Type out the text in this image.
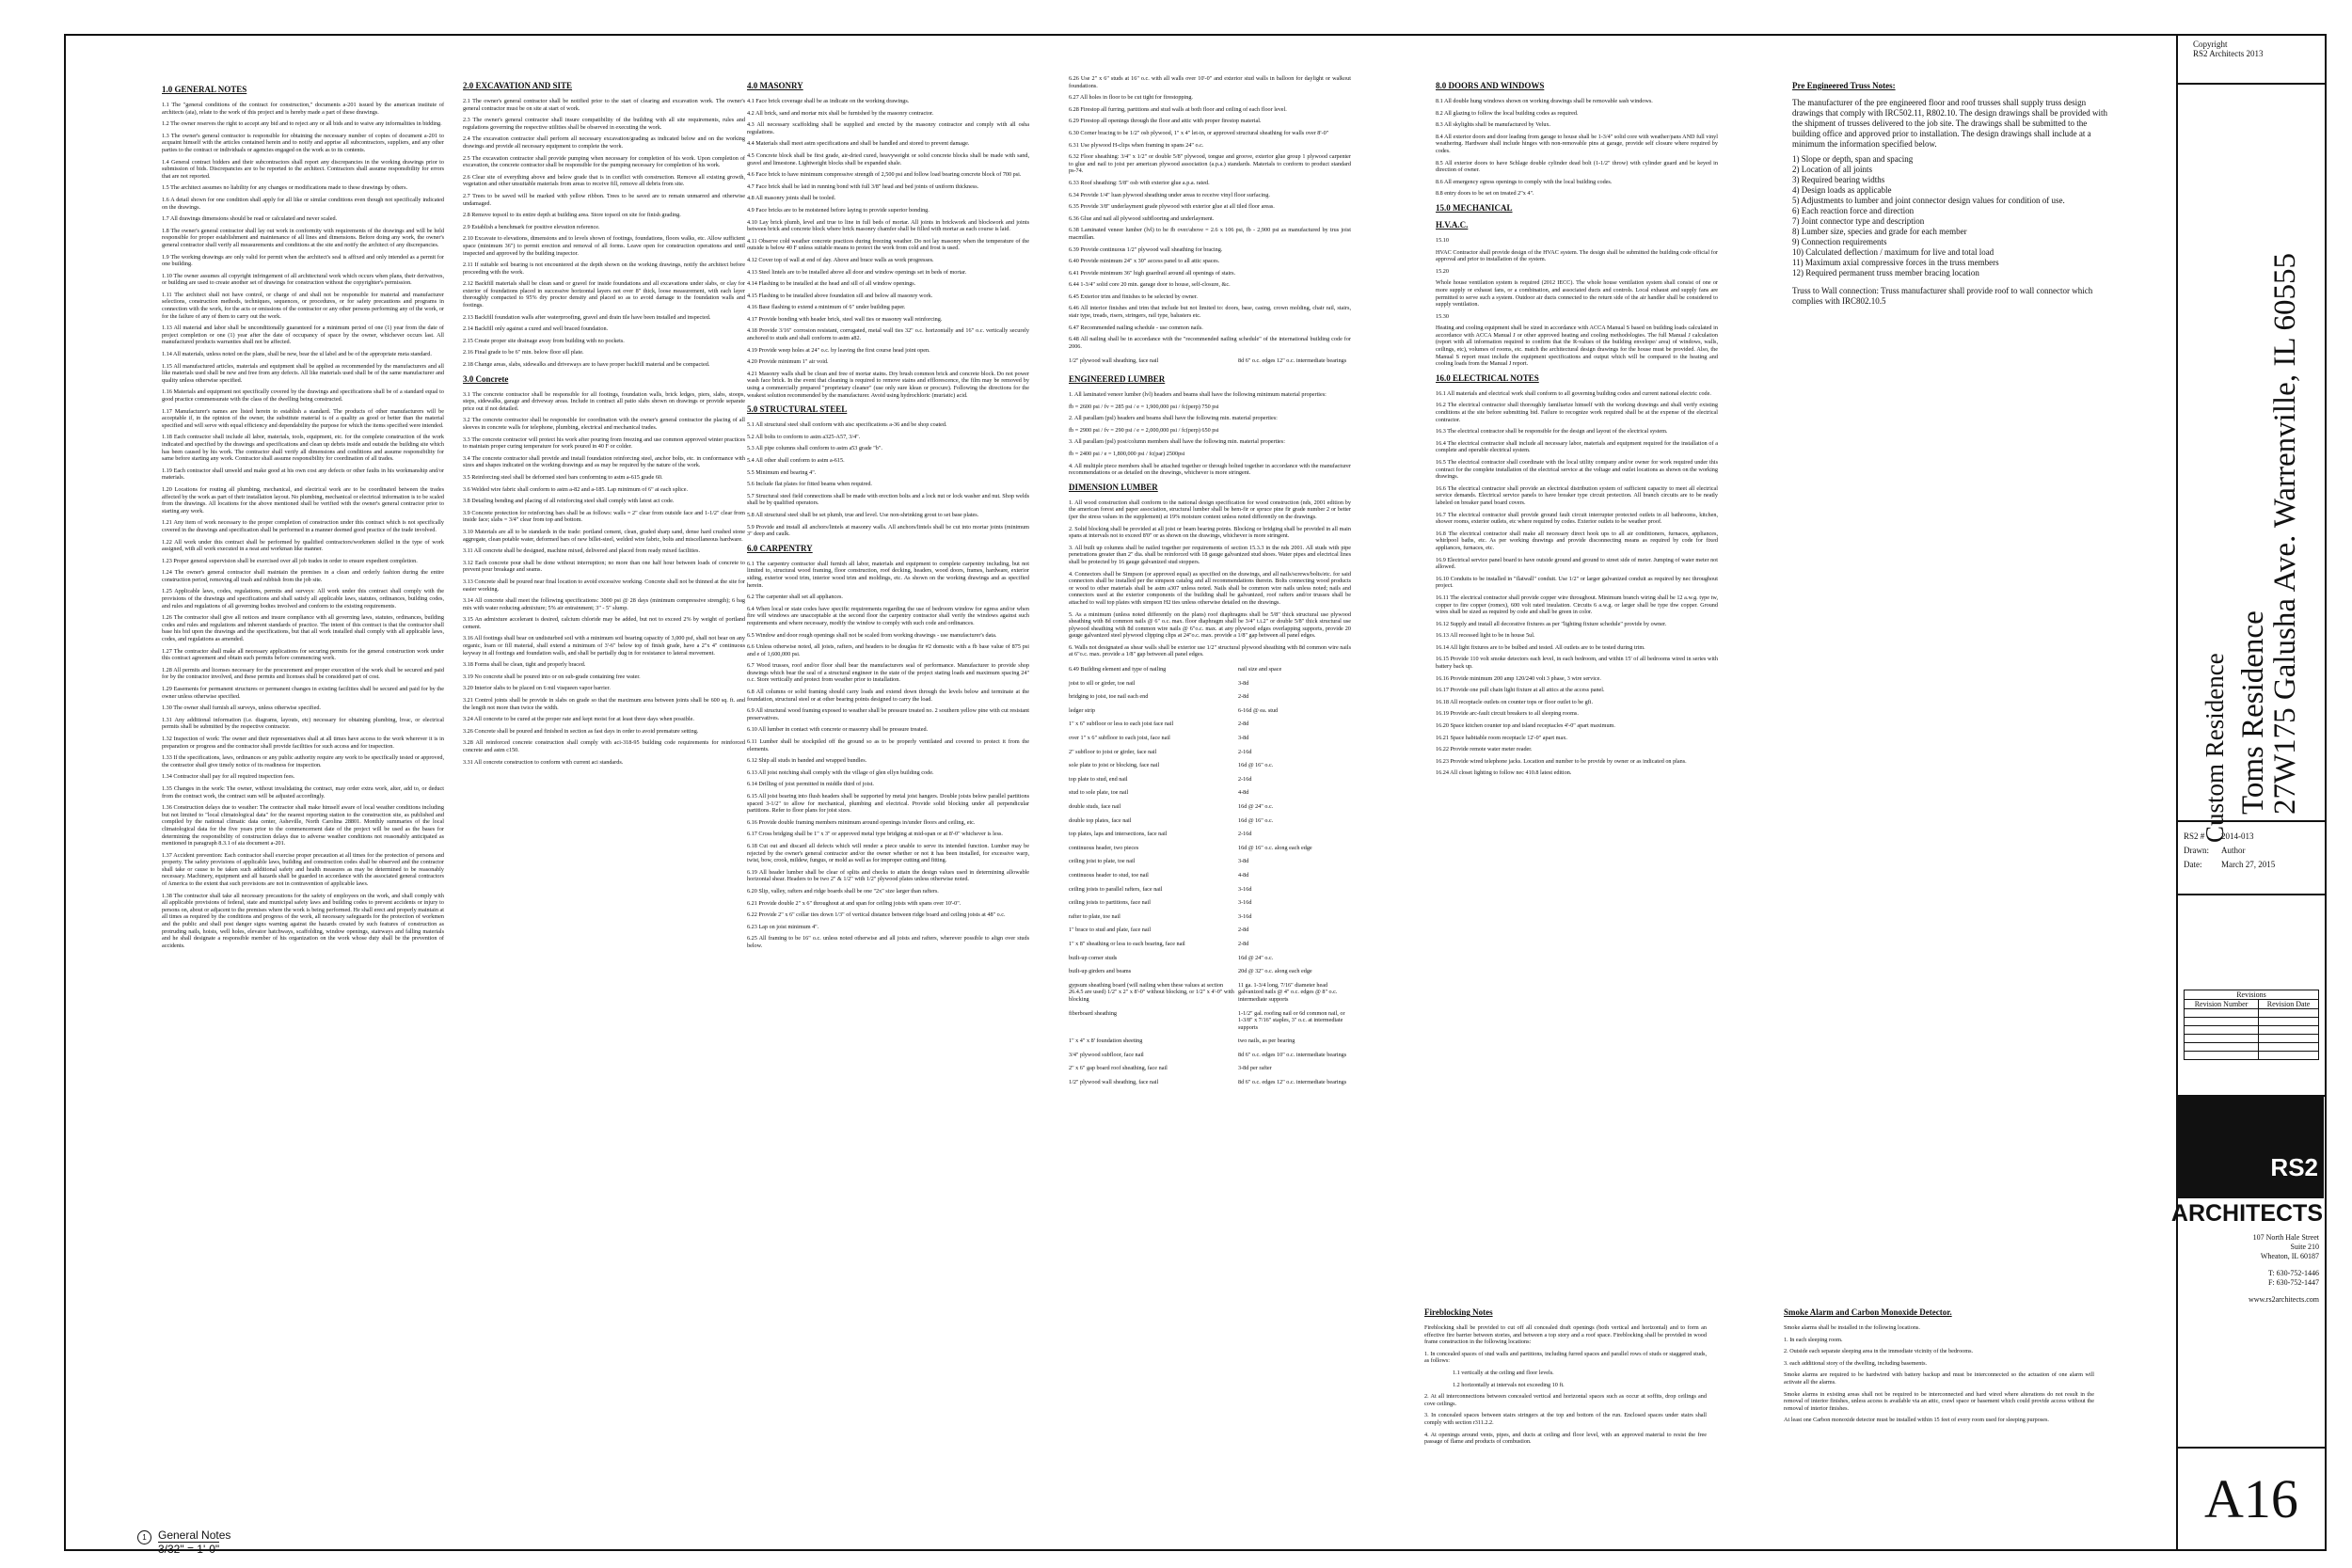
1.0 GENERAL NOTES

1.1 The "general conditions of the contract for construction," documents a-201 issued by the american institute of architects (aia), relate to the work of this project and is hereby made a part of these drawings.

1.2 The owner reserves the right to accept any bid and to reject any or all bids and to waive any informalities in bidding.

1.3 The owner's general contractor is responsible for obtaining the necessary number of copies of document a-201 to acquaint himself with the articles contained herein and to notify and apprise all subcontractors, suppliers, and any other parties to the contract or individuals or agencies engaged on the work as to its contents.

1.4 General contract bidders and their subcontractors shall report any discrepancies in the working drawings prior to submission of bids. Discrepancies are to be reported to the architect. Contractors shall assume responsibility for errors that are not reported.

1.5 The architect assumes no liability for any changes or modifications made to these drawings by others.

1.6 A detail shown for one condition shall apply for all like or similar conditions even though not specifically indicated on the drawings.

1.7 All drawings dimensions should be read or calculated and never scaled.

1.8 The owner's general contractor shall lay out work in conformity with requirements of the drawings and will be held responsible for proper establishment and maintenance of all lines and dimensions. Before doing any work, the owner's general contractor shall verify all measurements and conditions at the site and notify the architect of any discrepancies.

1.9 The working drawings are only valid for permit when the architect's seal is affixed and only intended as a permit for one building.

1.10 The owner assumes all copyright infringement of all architectural work which occurs when plans, their derivatives, or building are used to create another set of drawings for construction without the copyrighter's permission.

1.11 The architect shall not have control, or charge of and shall not be responsible for material and manufacturer selections, construction methods, techniques, sequences, or procedures, or for safety precautions and programs in connection with the work, for the acts or omissions of the contractor or any other persons performing any of the work, or for the failure of any of them to carry out the work.

1.13 All material and labor shall be unconditionally guaranteed for a minimum period of one (1) year from the date of project completion or one (1) year after the date of occupancy of space by the owner, whichever occurs last. All manufactured products warranties shall not be affected.

1.14 All materials, unless noted on the plans, shall be new, bear the ul label and be of the appropriate meta standard.

1.15 All manufactured articles, materials and equipment shall be applied as recommended by the manufacturers and all like materials used shall be new and free from any defects. All like materials used shall be of the same manufacturer and quality unless otherwise specified.

1.16 Materials and equipment not specifically covered by the drawings and specifications shall be of a standard equal to good practice commensurate with the class of the dwelling being constructed.

1.17 Manufacturer's names are listed herein to establish a standard. The products of other manufacturers will be acceptable if, in the opinion of the owner, the substitute material is of a quality as good or better than the material specified and will serve with equal efficiency and dependability the purpose for which the items specified were intended.

1.18 Each contractor shall include all labor, materials, tools, equipment, etc. for the complete construction of the work indicated and specified by the drawings and specifications and clean up debris inside and outside the building site which has been caused by his work. The contractor shall verify all dimensions and conditions and assume responsibility for same before starting any work. Contractor shall assume responsibility for coordination of all trades.

1.19 Each contractor shall unweld and make good at his own cost any defects or other faults in his workmanship and/or materials.

1.20 Locations for routing all plumbing, mechanical, and electrical work are to be coordinated between the trades affected by the work as part of their installation layout. No plumbing, mechanical or electrical information is to be scaled from the drawings. All locations for the above mentioned shall be verified with the owner's general contractor prior to starting any work.

1.21 Any item of work necessary to the proper completion of construction under this contract which is not specifically covered in the drawings and specification shall be performed in a manner deemed good practice of the trade involved.

1.22 All work under this contract shall be performed by qualified contractors/workmen skilled in the type of work assigned, with all work executed in a neat and workman like manner.

1.23 Proper general supervision shall be exercised over all job trades in order to ensure expedient completion.

1.24 The owner's general contractor shall maintain the premises in a clean and orderly fashion during the entire construction period, removing all trash and rubbish from the job site.

1.25 Applicable laws, codes, regulations, permits and surveys: All work under this contract shall comply with the provisions of the drawings and specifications and shall satisfy all applicable laws, statutes, ordinances, building codes, and rules and regulations of all governing bodies involved and conform to the existing requirements.

1.26 The contractor shall give all notices and insure compliance with all governing laws, statutes, ordinances, building codes and rules and regulations and inherent standards of practice. The intent of this contract is that the contractor shall base his bid upon the drawings and the specifications, but that all work installed shall comply with all applicable laws, codes, and regulations as amended.

1.27 The contractor shall make all necessary applications for securing permits for the general construction work under this contract agreement and obtain such permits before commencing work.

1.28 All permits and licenses necessary for the procurement and proper execution of the work shall be secured and paid for by the contractor involved, and these permits and licenses shall be considered part of cost.

1.29 Easements for permanent structures or permanent changes in existing facilities shall be secured and paid for by the owner unless otherwise specified.

1.30 The owner shall furnish all surveys, unless otherwise specified.

1.31 Any additional information (i.e. diagrams, layouts, etc) necessary for obtaining plumbing, hvac, or electrical permits shall be submitted by the respective contractor.

1.32 Inspection of work: The owner and their representatives shall at all times have access to the work wherever it is in preparation or progress and the contractor shall provide facilities for such access and for inspection.

1.33 If the specifications, laws, ordinances or any public authority require any work to be specifically tested or approved, the contractor shall give timely notice of its readiness for inspection.

1.34 Contractor shall pay for all required inspection fees.

1.35 Changes in the work: The owner, without invalidating the contract, may order extra work, alter, add to, or deduct from the contract work, the contract sum will be adjusted accordingly.

1.36 Construction delays due to weather: The contractor shall make himself aware of local weather conditions including but not limited to "local climatological data" for the nearest reporting station to the construction site, as published and compiled by the national climatic data center, Asheville, North Carolina 28801. Monthly summaries of the local climatological data for the five years prior to the commencement date of the project will be used as the bases for determining the responsibility of construction delays due to adverse weather conditions not reasonably anticipated as mentioned in paragraph 8.3.1 of aia document a-201.

1.37 Accident prevention: Each contractor shall exercise proper precaution at all times for the protection of persons and property. The safety provisions of applicable laws, building and construction codes shall be observed and the contractor shall take or cause to be taken such additional safety and health measures as may be determined to be reasonably necessary. Machinery, equipment and all hazards shall be guarded in accordance with the associated general contractors of America to the extent that such provisions are not in contravention of applicable laws.

1.38 The contractor shall take all necessary precautions for the safety of employees on the work, and shall comply with all applicable provisions of federal, state and municipal safety laws and building codes to prevent accidents or injury to persons on, about or adjacent to the premises where the work is being performed. He shall erect and properly maintain at all times as required by the conditions and progress of the work, all necessary safeguards for the protection of workmen and the public and shall post danger signs warning against the hazards created by such features of construction as protruding nails, hoists, well holes, elevator hatchways, scaffolding, window openings, stairways and falling materials and he shall designate a responsible member of his organization on the work whose duty shall be the prevention of accidents.

2.0 EXCAVATION AND SITE

2.1 The owner's general contractor shall be notified prior to the start of clearing and excavation work. The owner's general contractor must be on site at start of work.

2.3 The owner's general contractor shall insure compatibility of the building with all site requirements, rules and regulations governing the respective utilities shall be observed in executing the work.

2.4 The excavation contractor shall perform all necessary excavation/grading as indicated below and on the working drawings and provide all necessary equipment to complete the work.

2.5 The excavation contractor shall provide pumping when necessary for completion of his work. Upon completion of excavation, the concrete contractor shall be responsible for the pumping necessary for completion of his work.

2.6 Clear site of everything above and below grade that is in conflict with construction. Remove all existing growth, vegetation and other unsuitable materials from areas to receive fill, remove all debris from site.

2.7 Trees to be saved will be marked with yellow ribbon. Trees to be saved are to remain unmarred and otherwise undamaged.

2.8 Remove topsoil to its entire depth at building area. Store topsoil on site for finish grading.

2.9 Establish a benchmark for positive elevation reference.

2.10 Excavate to elevations, dimensions and to levels shown of footings, foundations, floors walks, etc. Allow sufficient space (minimum 36") to permit erection and removal of all forms. Leave open for construction operations and until inspected and approved by the building inspector.

2.11 If suitable soil bearing is not encountered at the depth shown on the working drawings, notify the architect before proceeding with the work.

2.12 Backfill materials shall be clean sand or gravel for inside foundations and all excavations under slabs, or clay for exterior of foundations placed in successive horizontal layers not over 8" thick, loose measurement, with each layer thoroughly compacted to 95% dry proctor density and placed so as to avoid damage to the foundation walls and footings.

2.13 Backfill foundation walls after waterproofing, gravel and drain tile have been installed and inspected.

2.14 Backfill only against a cured and well braced foundation.

2.15 Create proper site drainage away from building with no pockets.

2.16 Final grade to be 6" min. below floor sill plate.

2.18 Change areas, slabs, sidewalks and driveways are to have proper backfill material and be compacted.

3.0 Concrete

3.1 The concrete contractor shall be responsible for all footings, foundation walls, brick ledges, piers, slabs, stoops, steps, sidewalks, garage and driveway areas. Include in contract all patio slabs shown on drawings or provide separate price out if not detailed.

3.2 The concrete contractor shall be responsible for coordination with the owner's general contractor the placing of all sleeves in concrete walls for telephone, plumbing, electrical and mechanical trades.

3.3 The concrete contractor will protect his work after pouring from freezing and use common approved winter practices to maintain proper curing temperature for work poured in 40 F or colder.

3.4 The concrete contractor shall provide and install foundation reinforcing steel, anchor bolts, etc. in conformance with sizes and shapes indicated on the working drawings and as may be required by the nature of the work.

3.5 Reinforcing steel shall be deformed steel bars conforming to astm a-615 grade 60.

3.6 Welded wire fabric shall conform to astm a-82 and a-185. Lap minimum of 6" at each splice.

3.8 Detailing bending and placing of all reinforcing steel shall comply with latest aci code.

3.9 Concrete protection for reinforcing bars shall be as follows: walls = 2" clear from outside face and 1-1/2" clear from inside face; slabs = 3/4" clear from top and bottom.

3.10 Materials are all to be standards in the trade: portland cement, clean, graded sharp sand, dense hard crushed stone aggregate, clean potable water, deformed bars of new billet-steel, welded wire fabric, bolts and miscellaneous hardware.

3.11 All concrete shall be designed, machine mixed, delivered and placed from ready mixed facilities.

3.12 Each concrete pour shall be done without interruption; no more than one half hour between loads of concrete to prevent pour breakage and seams.

3.13 Concrete shall be poured near final location to avoid excessive working. Concrete shall not be thinned at the site for easier working.

3.14 All concrete shall meet the following specifications: 3000 psi @ 28 days (minimum compressive strength); 6 bag mix with water reducing admixture; 5% air entrainment; 3" - 5" slump.

3.15 An admixture accelerant is desired, calcium chloride may be added, but not to exceed 2% by weight of portland cement.

3.16 All footings shall bear on undisturbed soil with a minimum soil bearing capacity of 3,000 psf, shall not bear on any organic, loam or fill material, shall extend a minimum of 3'-6" below top of finish grade, have a 2"x 4" continuous keyway in all footings and foundation walls, and shall be partially dug in for resistance to lateral movement.

3.18 Forms shall be clean, tight and properly braced.

3.19 No concrete shall be poured into or on sub-grade containing free water.

3.20 Interior slabs to be placed on 6 mil visqueen vapor barrier.

3.21 Control joints shall be provide in slabs on grade so that the maximum area between joints shall be 600 sq. ft. and the length not more than twice the width.

3.24 All concrete to be cured at the proper rate and kept moist for at least three days when possible.

3.26 Concrete shall be poured and finished in section as fast days in order to avoid premature setting.

3.28 All reinforced concrete construction shall comply with aci-318-95 building code requirements for reinforced concrete and astm c150.

3.31 All concrete construction to conform with current aci standards.

4.0 MASONRY

4.1 Face brick coverage shall be as indicate on the working drawings.

4.2 All brick, sand and mortar mix shall be furnished by the masonry contractor.

4.3 All necessary scaffolding shall be supplied and erected by the masonry contractor and comply with all osha regulations.

4.4 Materials shall meet astm specifications and shall be handled and stored to prevent damage.

4.5 Concrete block shall be first grade, air-dried cured, heavyweight or solid concrete blocks shall be made with sand, gravel and limestone. Lightweight blocks shall be expanded shale.

4.6 Face brick to have minimum compressive strength of 2,500 psi and follow load bearing concrete block of 700 psi.

4.7 Face brick shall be laid in running bond with full 3/8" head and bed joints of uniform thickness.

4.8 All masonry joints shall be tooled.

4.9 Face bricks are to be moistened before laying to provide superior bonding.

4.10 Lay brick plumb, level and true to line in full beds of mortar. All joints in brickwork and blockwork and joints between brick and concrete block where brick masonry chamfer shall be filled with mortar as each course is laid.

4.11 Observe cold weather concrete practices during freezing weather. Do not lay masonry when the temperature of the outside is below 40 F unless suitable means to protect the work from cold and frost is used.

4.12 Cover top of wall at end of day. Above and brace walls as work progresses.

4.13 Steel lintels are to be installed above all door and window openings set in beds of mortar.

4.14 Flashing to be installed at the head and sill of all window openings.

4.15 Flashing to be installed above foundation sill and below all masonry work.

4.16 Base flashing to extend a minimum of 6" under building paper.

4.17 Provide bonding with header brick, steel wall ties or masonry wall reinforcing.

4.18 Provide 3/16" corrosion resistant, corrugated, metal wall ties 32" o.c. horizontally and 16" o.c. vertically securely anchored to studs and shall conform to astm a82.

4.19 Provide weep holes at 24" o.c. by leaving the first course head joint open.

4.20 Provide minimum 1" air void.

4.21 Masonry walls shall be clean and free of mortar stains. Dry brush common brick and concrete block. Do not power wash face brick. In the event that cleaning is required to remove stains and efflorescence, the film may be removed by using a commercially prepared "proprietary cleaner" (use only sure klean or procure). Following the directions for the weakest solution recommended by the manufacturer. Avoid using hydrochloric (muriatic) acid.

5.0 STRUCTURAL STEEL

5.1 All structural steel shall conform with aisc specifications a-36 and be shop coated.

5.2 All bolts to conform to astm a325-A57, 3/4".

5.3 All pipe columns shall conform to astm a53 grade "b".

5.4 All other shall conform to astm a-615.

5.5 Minimum end bearing 4".

5.6 Include flat plates for fitted beams when required.

5.7 Structural steel field connections shall be made with erection bolts and a lock nut or lock washer and nut. Shop welds shall be by qualified operators.

5.8 All structural steel shall be set plumb, true and level. Use non-shrinking grout to set base plates.

5.9 Provide and install all anchors/lintels at masonry walls. All anchors/lintels shall be cut into mortar joints (minimum 3" deep and caulk.

6.0 CARPENTRY

6.1 The carpentry contractor shall furnish all labor, materials and equipment to complete carpentry including, but not limited to, structural wood framing, floor construction, roof decking, headers, wood doors, frames, hardware, exterior siding, exterior wood trim, interior wood trim and moldings, etc. As shown on the working drawings and as specified herein.

6.2 The carpenter shall set all appliances.

6.4 When local or state codes have specific requirements regarding the use of bedroom window for egress and/or when fire will windows are unacceptable at the second floor the carpentry contractor shall verify the windows against such requirements and where necessary, modify the window to comply with such code and ordinances.

6.5 Window and door rough openings shall not be scaled from working drawings - use manufacturer's data.

6.6 Unless otherwise noted, all joists, rafters, and headers to be douglas fir #2 domestic with a fb base value of 875 psi and e of 1,600,000 psi.

6.7 Wood trusses, roof and/or floor shall bear the manufacturers seal of performance. Manufacturer to provide shop drawings which bear the seal of a structural engineer in the state of the project stating loads and maximum spacing 24" o.c. Store vertically and protect from weather prior to installation.

6.8 All columns or solid framing should carry loads and extend down through the levels below and terminate at the foundation, structural steel or at other bearing points designed to carry the load.

6.9 All structural wood framing exposed to weather shall be pressure treated no. 2 southern yellow pine with cut resistant preservatives.

6.10 All lumber in contact with concrete or masonry shall be pressure treated.

6.11 Lumber shall be stockpiled off the ground so as to be properly ventilated and covered to protect it from the elements.

6.12 Ship all studs in banded and wrapped bundles.

6.13 All joist notching shall comply with the village of glen ellyn building code.

6.14 Drilling of joist permitted in middle third of joist.

6.15 All joist bearing into flush headers shall be supported by metal joist hangers. Double joists below parallel partitions spaced 3-1/2" to allow for mechanical, plumbing and electrical. Provide solid blocking under all perpendicular partitions. Refer to floor plans for joist sizes.

6.16 Provide double framing members minimum around openings in/under floors and ceiling, etc.

6.17 Cross bridging shall be 1" x 3" or approved metal type bridging at mid-span or at 8'-0" whichever is less.

6.18 Cut out and discard all defects which will render a piece unable to serve its intended function. Lumber may be rejected by the owner's general contractor and/or the owner whether or not it has been installed, for excessive warp, twist, bow, crook, mildew, fungus, or mold as well as for improper cutting and fitting.

6.19 All header lumber shall be clear of splits and checks to attain the design values used in determining allowable horizontal shear. Headers to be two 2" & 1/2" with 1/2" plywood plates unless otherwise noted.

6.20 Slip, valley, rafters and ridge boards shall be one "2x" size larger than rafters.

6.21 Provide double 2" x 6" throughout at and span for ceiling joists with spans over 10'-0".

6.22 Provide 2" x 6" collar ties down 1/3" of vertical distance between ridge board and ceiling joists at 48" o.c.

6.23 Lap on joist minimum 4".

6.25 All framing to be 16" o.c. unless noted otherwise and all joists and rafters, wherever possible to align over studs below.

6.26 Use 2" x 6" studs at 16" o.c. with all walls over 10'-0" and exterior stud walls in balloon for daylight or walkout foundations.

6.27 All holes in floor to be cut tight for firestopping.

6.28 Firestop all furring, partitions and stud walls at both floor and ceiling of each floor level.

6.29 Firestop all openings through the floor and attic with proper firestop material.

6.30 Corner bracing to be 1/2" osb plywood, 1" x 4" let-in, or approved structural sheathing for walls over 8'-0"

6.31 Use plywood H-clips when framing in spans 24" o.c.

6.32 Floor sheathing: 3/4" x 1/2" or double 5/8" plywood, tongue and groove, exterior glue group 1 plywood carpenter to glue and nail to joist per american plywood association (a.p.a.) standards. Materials to conform to product standard ps-74.

6.33 Roof sheathing: 5/8" osb with exterior glue a.p.a. rated.

6.34 Provide 1/4" luan plywood sheathing under areas to receive vinyl floor surfacing.

6.35 Provide 3/8" underlayment grade plywood with exterior glue at all tiled floor areas.

6.36 Glue and nail all plywood subflooring and underlayment.

6.38 Laminated veneer lumber (lvl) to be fb over/above = 2.6 x 106 psi, fb - 2,900 psi as manufactured by trus joist macmillan.

6.39 Provide continuous 1/2" plywood wall sheathing for bracing.

6.40 Provide minimum 24" x 30" access panel to all attic spaces.

6.41 Provide minimum 36" high guardrail around all openings of stairs.

6.44 1-3/4" solid core 20 min. garage door to house, self-closure, &c.

6.45 Exterior trim and finishes to be selected by owner.

6.46 All interior finishes and trim that include but not limited to: doors, base, casing, crown molding, chair rail, stairs, stair type, treads, risers, stringers, rail type, balusters etc.

6.47 Recommended nailing schedule - use common nails.

6.48 All nailing shall be in accordance with the "recommended nailing schedule" of the international building code for 2006.

1/2" plywood wall sheathing, face nail	8d 6" o.c. edges 12" o.c. intermediate bearings
ENGINEERED LUMBER

1. All laminated veneer lumber (lvl) headers and beams shall have the following minimum material properties:

fb = 2600 psi / fv = 285 psi / e = 1,900,000 psi / fc(perp) 750 psi

2. All parallam (psl) headers and beams shall have the following min. material properties:

fb = 2900 psi / fv = 290 psi / e = 2,000,000 psi / fc(perp) 650 psi

3. All parallam (psl) post/column members shall have the following min. material properties:

fb = 2400 psi / e = 1,800,000 psi / fc(par) 2500psi

4. All multiple piece members shall be attached together or through bolted together in accordance with the manufacturer recommendations or as detailed on the drawings, whichever is more stringent.

DIMENSION LUMBER

1. All wood construction shall conform to the national design specification for wood construction (nds, 2001 edition by the american forest and paper association, structural lumber shall be hem-fir or spruce pine fir grade number 2 or better (per the stress values in the supplement) at 19% moisture content unless noted differently on the drawings.

2. Solid blocking shall be provided at all joist or beam bearing points. Blocking or bridging shall be provided in all main spans at intervals not to exceed 8'0" or as shown on the drawings, whichever is more stringent.

3. All built up columns shall be nailed together per requirements of section 15.3.3 in the nds 2001. All studs with pipe penetrations greater than 2" dia. shall be reinforced with 18 gauge galvanized stud shoes. Water pipes and electrical lines shall be protected by 16 gauge galvanized stud stoppers.

4. Connectors shall be Simpson (or approved equal) as specified on the drawings, and all nails/screws/bolts/etc. for said connectors shall be installed per the simpson catalog and all recommendations therein. Bolts connecting wood products or wood to other materials shall be astm a307 unless noted. Nails shall be common wire nails unless noted; nails and connectors used at the exterior components of the building shall be galvanized, roof rafters and/or trusses shall be attached to wall top plates with simpson H2 ties unless otherwise detailed on the drawings.

5. As a minimum (unless noted differently on the plans) roof diaphragms shall be 5/8" thick structural use plywood sheathing with 8d common nails @ 6" o.c. max. floor diaphragm shall be 3/4" t.i.2" or double 5/8" thick structural use plywood sheathing with 8d common wire nails @ 6"o.c. max. at any plywood edges overlapping supports, provide 20 gauge galvanized steel plywood clipping clips at 24"o.c. max. provide a 1/8" gap between all panel edges.

6. Walls not designated as shear walls shall be exterior use 1/2" structural plywood sheathing with 8d common wire nails at 6"o.c. max. provide a 1/8" gap between all panel edges.

6.49 Building element and type of nailing	nail size and space
joist to sill or girder, toe nail	3-8d
bridging to joist, toe nail each end	2-8d
ledger strip	6-16d @ ea. stud
1" x 6" subfloor or less to each joist face nail	2-8d
over 1" x 6" subfloor to each joist, face nail	3-8d
2" subfloor to joist or girder, face nail	2-16d
sole plate to joist or blocking, face nail	16d @ 16" o.c.
top plate to stud, end nail	2-16d
stud to sole plate, toe nail	4-8d
double studs, face nail	16d @ 24" o.c.
double top plates, face nail	16d @ 16" o.c.
top plates, laps and intersections, face nail	2-16d
continuous header, two pieces	16d @ 16" o.c. along each edge
ceiling joist to plate, toe nail	3-8d
continuous header to stud, toe nail	4-8d
ceiling joists to parallel rafters, face nail	3-16d
ceiling joists to partitions, face nail	3-16d
rafter to plate, toe nail	3-16d
1" brace to stud and plate, face nail	2-8d
1" x 8" sheathing or less to each bearing, face nail	2-8d
built-up corner studs	16d @ 24" o.c.
built-up girders and beams	20d @ 32" o.c. along each edge
gypsum sheathing board (will nailing when these values at section 26.4.5 are used) 1/2" x 2" x 8'-0" without blocking, or 1/2" x 4'-0" with blocking	11 ga. 1-3/4 long, 7/16" diameter head galvanized nails @ 4" o.c. edges @ 8" o.c. intermediate supports
fiberboard sheathing	1-1/2" gal. roofing nail or 6d common nail, or 1-3/8" x 7/16" staples, 3" o.c. at intermediate supports
1" x 4" x 8' foundation sheeting	two nails, as per bearing
3/4" plywood subfloor, face nail	8d 6" o.c. edges 10" o.c. intermediate bearings
2" x 6" gap board roof sheathing, face nail	3-8d per rafter
1/2" plywood wall sheathing, face nail	8d 6" o.c. edges 12" o.c. intermediate bearings
Fireblocking Notes

Fireblocking shall be provided to cut off all concealed draft openings (both vertical and horizontal) and to form an effective fire barrier between stories, and between a top story and a roof space. Fireblocking shall be provided in wood frame construction in the following locations:

1. In concealed spaces of stud walls and partitions, including furred spaces and parallel rows of studs or staggered studs, as follows:

1.1 vertically at the ceiling and floor levels.

1.2 horizontally at intervals not exceeding 10 ft.

2. At all interconnections between concealed vertical and horizontal spaces such as occur at soffits, drop ceilings and cove ceilings.

3. In concealed spaces between stairs stringers at the top and bottom of the run. Enclosed spaces under stairs shall comply with section r311.2.2.

4. At openings around vents, pipes, and ducts at ceiling and floor level, with an approved material to resist the free passage of flame and products of combustion.

8.0 DOORS AND WINDOWS

8.1 All double hung windows shown on working drawings shall be removable sash windows.

8.2 All glazing to follow the local building codes as required.

8.3 All skylights shall be manufactured by Velux.

8.4 All exterior doors and door leading from garage to house shall be 1-3/4" solid core with weather/pans AND full vinyl weathering. Hardware shall include hinges with non-removable pins at garage, provide self closure where required by codes.

8.5 All exterior doors to have Schlage double cylinder dead bolt (1-1/2" throw) with cylinder guard and be keyed in direction of owner.

8.6 All emergency egress openings to comply with the local building codes.

8.8 entry doors to be set on treated 2"x 4".

15.0 MECHANICAL
H.V.A.C.

15.10

HVAC Contractor shall provide design of the HVAC system. The design shall be submitted the building code official for approval and prior to installation of the system.

15.20

Whole house ventilation system is required (2012 IECC). The whole house ventilation system shall consist of one or more supply or exhaust fans, or a combination, and associated ducts and controls. Local exhaust and supply fans are permitted to serve such a system. Outdoor air ducts connected to the return side of the air handler shall be considered to supply ventilation.

15.30

Heating and cooling equipment shall be sized in accordance with ACCA Manual S based on building loads calculated in accordance with ACCA Manual J or other approved heating and cooling methodologies. The full Manual J calculation (report with all information required to confirm that the R-values of the building envelope/ area) of windows, walls, ceilings, etc), volumes of rooms, etc. match the architectural design drawings for the house must be provided. Also, the Manual S report must include the equipment specifications and output which will be compared to the heating and cooling loads from the Manual J report.

16.0 ELECTRICAL NOTES

16.1 All materials and electrical work shall conform to all governing building codes and current national electric code.

16.2 The electrical contractor shall thoroughly familiarize himself with the working drawings and shall verify existing conditions at the site before submitting bid. Failure to recognize work required shall be at the expense of the electrical contractor.

16.3 The electrical contractor shall be responsible for the design and layout of the electrical system.

16.4 The electrical contractor shall include all necessary labor, materials and equipment required for the installation of a complete and operable electrical system.

16.5 The electrical contractor shall coordinate with the local utility company and/or owner for work required under this contract for the complete installation of the electrical service at the voltage and outlet locations as shown on the working drawings.

16.6 The electrical contractor shall provide an electrical distribution system of sufficient capacity to meet all electrical service demands. Electrical service panels to have breaker type circuit protection. All branch circuits are to be neatly labeled on breaker panel board covers.

16.7 The electrical contractor shall provide ground fault circuit interrupter protected outlets in all bathrooms, kitchen, shower rooms, exterior outlets, etc where required by codes. Exterior outlets to be weather proof.

16.8 The electrical contractor shall make all necessary direct hook ups to all air conditioners, furnaces, appliances, whirlpool baths, etc. As per working drawings and provide disconnecting means as required by code for fixed appliances, furnaces, etc.

16.9 Electrical service panel board to have outside ground and ground to street side of meter. Jumping of water meter not allowed.

16.10 Conduits to be installed in "flatwall" conduit. Use 1/2" or larger galvanized conduit as required by nec throughout project.

16.11 The electrical contractor shall provide copper wire throughout. Minimum branch wiring shall be 12 a.w.g. type tw, copper to fire copper (romex), 600 volt rated insulation. Circuits 6 a.w.g. or larger shall be type thw copper. Ground wires shall be sized as required by code and shall be green in color.

16.12 Supply and install all decorative fixtures as per "lighting fixture schedule" provide by owner.

16.13 All recessed light to be in house 5ul.

16.14 All light fixtures are to be bulbed and tested. All outlets are to be tested during trim.

16.15 Provide 110 volt smoke detectors each level, in each bedroom, and within 15' of all bedrooms wired in series with battery back up.

16.16 Provide minimum 200 amp 120/240 volt 3 phase, 3 wire service.

16.17 Provide one pull chain light fixture at all attics at the access panel.

16.18 All receptacle outlets on counter tops or floor outlet to be gfi.

16.19 Provide arc-fault circuit breakers to all sleeping rooms.

16.20 Space kitchen counter top and island receptacles 4'-0" apart maximum.

16.21 Space habitable room receptacle 12'-0" apart max.

16.22 Provide remote water meter reader.

16.23 Provide wired telephone jacks. Location and number to be provide by owner or as indicated on plans.

16.24 All closet lighting to follow nec 410.8 latest edition.

Pre Engineered Truss Notes:

The manufacturer of the pre engineered floor and roof trusses shall supply truss design drawings that comply with IRC502.11, R802.10. The design drawings shall be provided with the shipment of trusses delivered to the job site. The drawings shall be submitted to the building office and approved prior to installation. The design drawings shall include at a minimum the information specified below.

1) Slope or depth, span and spacing
2) Location of all joints
3) Required bearing widths
4) Design loads as applicable
5) Adjustments to lumber and joint connector design values for condition of use.
6) Each reaction force and direction
7) Joint connector type and description
8) Lumber size, species and grade for each member
9) Connection requirements
10) Calculated deflection / maximum for live and total load
11) Maximum axial compressive forces in the truss members
12) Required permanent truss member bracing location

Truss to Wall connection: Truss manufacturer shall provide roof to wall connector which complies with IRC802.10.5

Smoke Alarm and Carbon Monoxide Detector.

Smoke alarms shall be installed in the following locations.

1. In each sleeping room.

2. Outside each separate sleeping area in the immediate vicinity of the bedrooms.

3. each additional story of the dwelling, including basements.

Smoke alarms are required to be hardwired with battery backup and must be interconnected so the actuation of one alarm will activate all the alarms.

Smoke alarms in existing areas shall not be required to be interconnected and hard wired where alterations do not result in the removal of interior finishes, unless access is available via an attic, crawl space or basement which could provide access without the removal of interior finishes.

At least one Carbon monoxide detector must be installed within 15 feet of every room used for sleeping purposes.

1	General Notes
3/32" = 1'-0"
Copyright
RS2 Architects 2013
Custom Residence Toms Residence
27W175 Galusha Ave. Warrenville, IL 60555
RS2 #	2014-013
Drawn:	Author
Date:	March 27, 2015
Revisions	
Revision Number	Revision Date

RS2
ARCHITECTS
107 North Hale Street
Suite 210
Wheaton, IL 60187
T: 630-752-1446
F: 630-752-1447
www.rs2architects.com
A16
